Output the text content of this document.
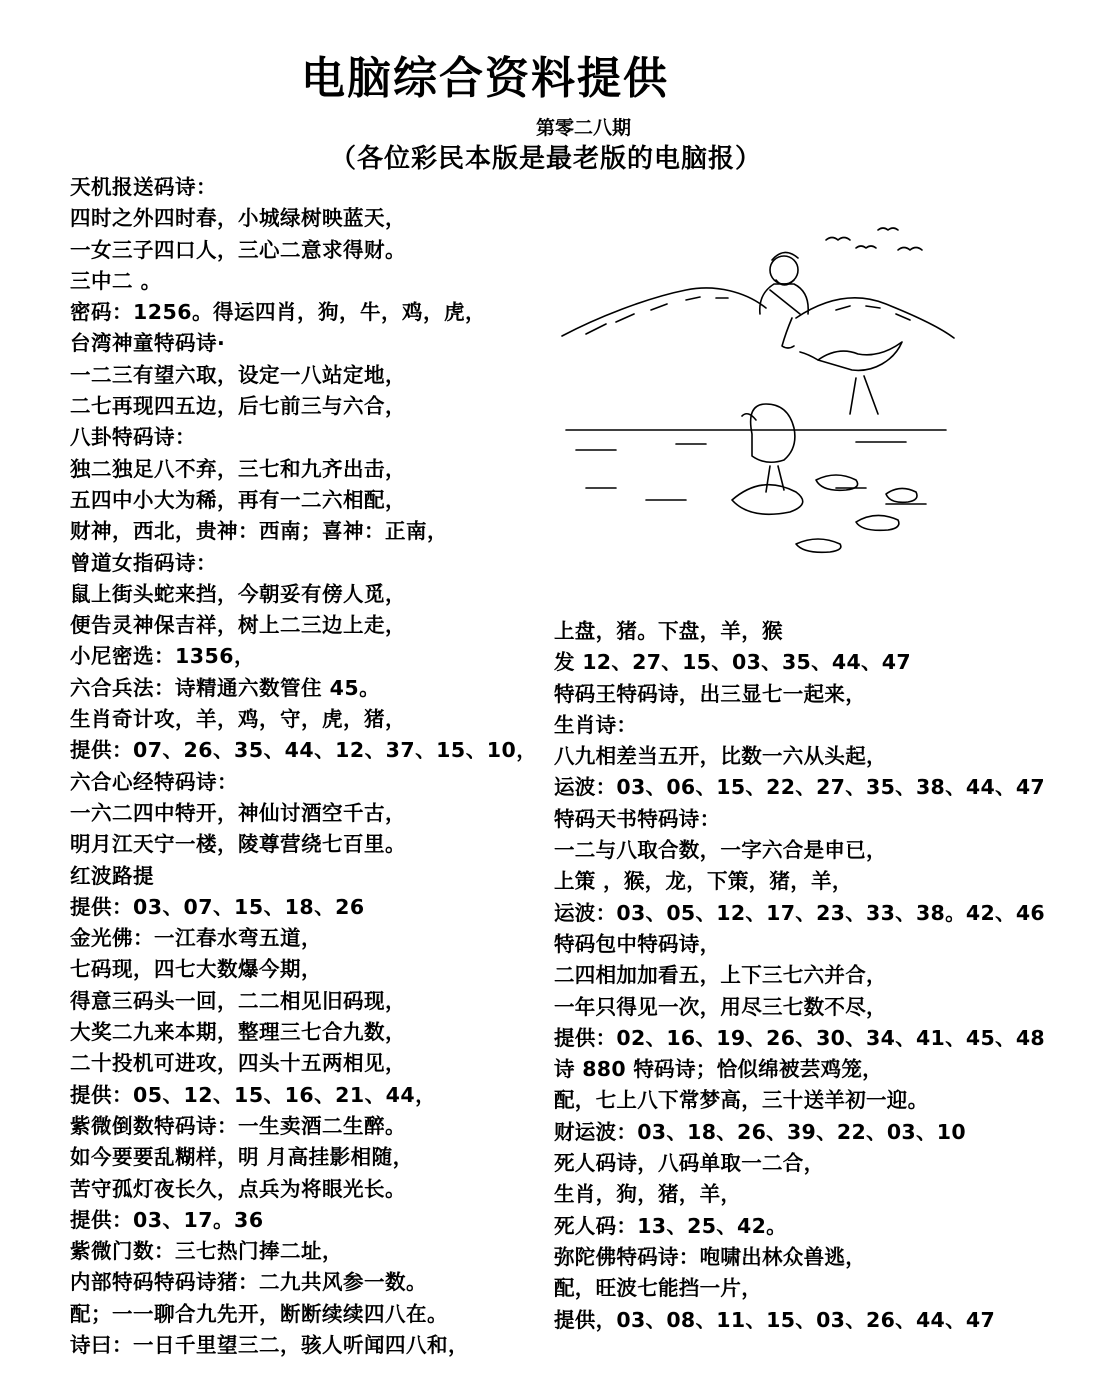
电脑综合资料提供
第零二八期
（各位彩民本版是最老版的电脑报）
天机报送码诗：
四时之外四时春，小城绿树映蓝天，
一女三子四口人，三心二意求得财。
三中二 。
密码：1256。得运四肖，狗，牛，鸡，虎，
台湾神童特码诗·
一二三有望六取，设定一八站定地，
二七再现四五边，后七前三与六合，
八卦特码诗：
独二独足八不弃，三七和九齐出击，
五四中小大为稀，再有一二六相配，
财神，西北，贵神：西南；喜神：正南，
曾道女指码诗：
鼠上街头蛇来挡，今朝妥有傍人觅，
便告灵神保吉祥，树上二三边上走，
小尼密选：1356，
六合兵法：诗精通六数管住 45。
生肖奇计攻，羊，鸡，守，虎，猪，
提供：07、26、35、44、12、37、15、10，
六合心经特码诗：
一六二四中特开，神仙讨酒空千古，
明月江天宁一楼，陵尊营绕七百里。
红波路提
提供：03、07、15、18、26
金光佛：一江春水弯五道，
七码现，四七大数爆今期，
得意三码头一回，二二相见旧码现，
大奖二九来本期，整理三七合九数，
二十投机可进攻，四头十五两相见，
提供：05、12、15、16、21、44，
紫微倒数特码诗：一生卖酒二生醉。
如今要要乱糊样，明 月高挂影相随，
苦守孤灯夜长久，点兵为将眼光长。
提供：03、17。36
紫微门数：三七热门捧二址，
内部特码特码诗猪：二九共风参一数。
配；一一聊合九先开，断断续续四八在。
诗曰：一日千里望三二，骇人听闻四八和，
上盘，猪。下盘，羊，猴
发 12、27、15、03、35、44、47
特码王特码诗，出三显七一起来，
生肖诗：
八九相差当五开，比数一六从头起，
运波：03、06、15、22、27、35、38、44、47
特码天书特码诗：
一二与八取合数，一字六合是申已，
上策 ，猴，龙，下策，猪，羊，
运波：03、05、12、17、23、33、38。42、46
特码包中特码诗，
二四相加加看五，上下三七六并合，
一年只得见一次，用尽三七数不尽，
提供：02、16、19、26、30、34、41、45、48
诗 880 特码诗；恰似绵被芸鸡笼，
配，七上八下常梦高，三十送羊初一迎。
财运波：03、18、26、39、22、03、10
死人码诗，八码单取一二合，
生肖，狗，猪，羊，
死人码：13、25、42。
弥陀佛特码诗：咆啸出林众兽逃，
配，旺波七能挡一片，
提供，03、08、11、15、03、26、44、47
